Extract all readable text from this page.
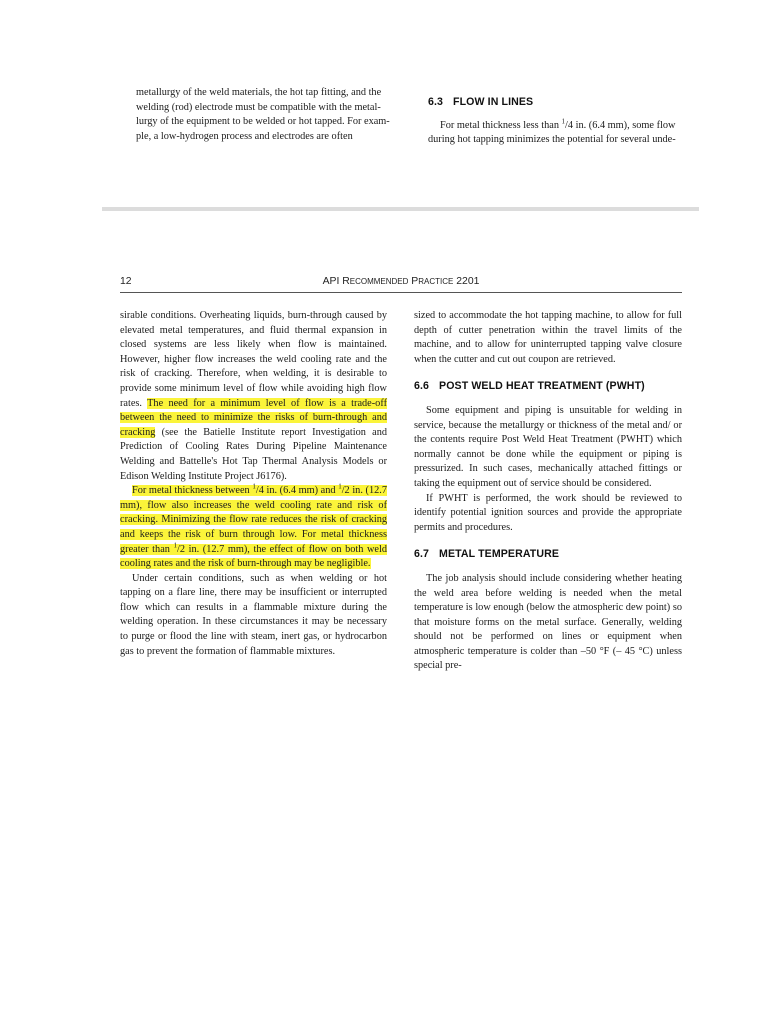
metallurgy of the weld materials, the hot tap fitting, and the
welding (rod) electrode must be compatible with the metal-
lurgy of the equipment to be welded or hot tapped. For exam-
ple, a low-hydrogen process and electrodes are often
6.3 FLOW IN LINES

For metal thickness less than $^1$/4 in. (6.4 mm), some flow

during hot tapping minimizes the potential for several unde-
12	API RECOMMENDED PRACTICE 2201

sirable conditions. Overheating liquids, burn-through caused by elevated metal temperatures, and fluid thermal expansion in closed systems are less likely when flow is maintained. However, higher flow increases the weld cooling rate and the risk of cracking. Therefore, when welding, it is desirable to provide some minimum level of flow while avoiding high flow rates. The need for a minimum level of flow is a trade-off between the need to minimize the risks of burn-through and cracking (see the Batielle Institute report Investigation and Prediction of Cooling Rates During Pipeline Maintenance Welding and Battelle's Hot Tap Thermal Analysis Models or Edison Welding Institute Project J6176).

For metal thickness between $^1$/4 in. (6.4 mm) and $^1$/2 in. (12.7 mm), flow also increases the weld cooling rate and risk of cracking. Minimizing the flow rate reduces the risk of cracking and keeps the risk of burn through low. For metal thickness greater than $^1$/2 in. (12.7 mm), the effect of flow on both weld cooling rates and the risk of burn-through may be negligible.

Under certain conditions, such as when welding or hot tapping on a flare line, there may be insufficient or interrupted flow which can results in a flammable mixture during the welding operation. In these circumstances it may be necessary to purge or flood the line with steam, inert gas, or hydrocarbon gas to prevent the formation of flammable mixtures.

sized to accommodate the hot tapping machine, to allow for full depth of cutter penetration within the travel limits of the machine, and to allow for uninterrupted tapping valve closure when the cutter and cut out coupon are retrieved.

6.6 POST WELD HEAT TREATMENT (PWHT)

Some equipment and piping is unsuitable for welding in service, because the metallurgy or thickness of the metal and/ or the contents require Post Weld Heat Treatment (PWHT) which normally cannot be done while the equipment or piping is pressurized. In such cases, mechanically attached fittings or taking the equipment out of service should be considered.

If PWHT is performed, the work should be reviewed to identify potential ignition sources and provide the appropriate permits and procedures.

6.7 METAL TEMPERATURE

The job analysis should include considering whether heating the weld area before welding is needed when the metal temperature is low enough (below the atmospheric dew point) so that moisture forms on the metal surface. Generally, welding should not be performed on lines or equipment when atmospheric temperature is colder than –50 °F (– 45 °C) unless special pre-
